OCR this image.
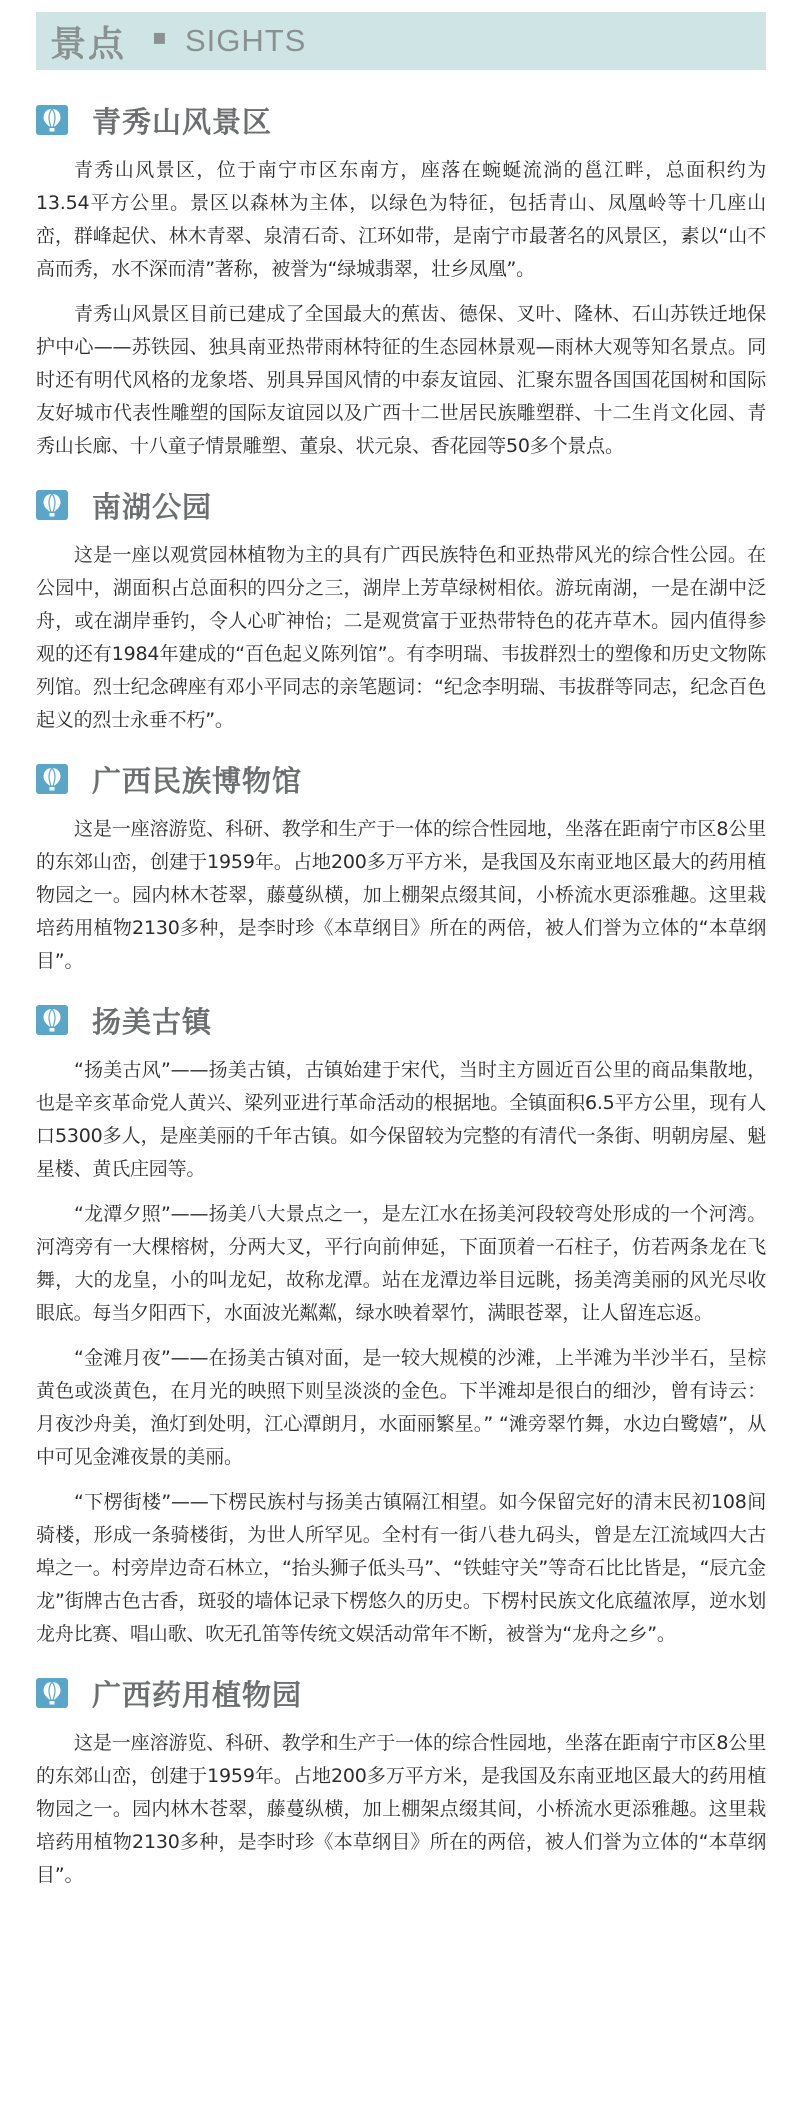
景点 ▪ SIGHTS
青秀山风景区

青秀山风景区，位于南宁市区东南方，座落在蜿蜒流淌的邕江畔，总面积约为13.54平方公里。景区以森林为主体，以绿色为特征，包括青山、凤凰岭等十几座山峦，群峰起伏、林木青翠、泉清石奇、江环如带，是南宁市最著名的风景区，素以“山不高而秀，水不深而清”著称，被誉为“绿城翡翠，壮乡凤凰”。

青秀山风景区目前已建成了全国最大的蕉齿、德保、叉叶、隆林、石山苏铁迁地保护中心——苏铁园、独具南亚热带雨林特征的生态园林景观—雨林大观等知名景点。同时还有明代风格的龙象塔、别具异国风情的中泰友谊园、汇聚东盟各国国花国树和国际友好城市代表性雕塑的国际友谊园以及广西十二世居民族雕塑群、十二生肖文化园、青秀山长廊、十八童子情景雕塑、董泉、状元泉、香花园等50多个景点。

南湖公园

这是一座以观赏园林植物为主的具有广西民族特色和亚热带风光的综合性公园。在公园中，湖面积占总面积的四分之三，湖岸上芳草绿树相依。游玩南湖，一是在湖中泛舟，或在湖岸垂钓，令人心旷神怡；二是观赏富于亚热带特色的花卉草木。园内值得参观的还有1984年建成的“百色起义陈列馆”。有李明瑞、韦拔群烈士的塑像和历史文物陈列馆。烈士纪念碑座有邓小平同志的亲笔题词：“纪念李明瑞、韦拔群等同志，纪念百色起义的烈士永垂不朽”。

广西民族博物馆

这是一座溶游览、科研、教学和生产于一体的综合性园地，坐落在距南宁市区8公里的东郊山峦，创建于1959年。占地200多万平方米，是我国及东南亚地区最大的药用植物园之一。园内林木苍翠，藤蔓纵横，加上棚架点缀其间，小桥流水更添雅趣。这里栽培药用植物2130多种，是李时珍《本草纲目》所在的两倍，被人们誉为立体的“本草纲目”。

扬美古镇

“扬美古风”——扬美古镇，古镇始建于宋代，当时主方圆近百公里的商品集散地，也是辛亥革命党人黄兴、梁列亚进行革命活动的根据地。全镇面积6.5平方公里，现有人口5300多人，是座美丽的千年古镇。如今保留较为完整的有清代一条街、明朝房屋、魁星楼、黄氏庄园等。

“龙潭夕照”——扬美八大景点之一，是左江水在扬美河段较弯处形成的一个河湾。河湾旁有一大棵榕树，分两大叉，平行向前伸延，下面顶着一石柱子，仿若两条龙在飞舞，大的龙皇，小的叫龙妃，故称龙潭。站在龙潭边举目远眺，扬美湾美丽的风光尽收眼底。每当夕阳西下，水面波光粼粼，绿水映着翠竹，满眼苍翠，让人留连忘返。

“金滩月夜”——在扬美古镇对面，是一较大规模的沙滩，上半滩为半沙半石，呈棕黄色或淡黄色，在月光的映照下则呈淡淡的金色。下半滩却是很白的细沙，曾有诗云：月夜沙舟美，渔灯到处明，江心潭朗月，水面丽繁星。” “滩旁翠竹舞，水边白鹭嬉”，从中可见金滩夜景的美丽。

“下楞街楼”——下楞民族村与扬美古镇隔江相望。如今保留完好的清末民初108间骑楼，形成一条骑楼街，为世人所罕见。全村有一街八巷九码头，曾是左江流域四大古埠之一。村旁岸边奇石林立，“抬头狮子低头马”、“铁蛙守关”等奇石比比皆是，“辰亢金龙”街牌古色古香，斑驳的墙体记录下楞悠久的历史。下楞村民族文化底蕴浓厚，逆水划龙舟比赛、唱山歌、吹无孔笛等传统文娱活动常年不断，被誉为“龙舟之乡”。

广西药用植物园

这是一座溶游览、科研、教学和生产于一体的综合性园地，坐落在距南宁市区8公里的东郊山峦，创建于1959年。占地200多万平方米，是我国及东南亚地区最大的药用植物园之一。园内林木苍翠，藤蔓纵横，加上棚架点缀其间，小桥流水更添雅趣。这里栽培药用植物2130多种，是李时珍《本草纲目》所在的两倍，被人们誉为立体的“本草纲目”。
